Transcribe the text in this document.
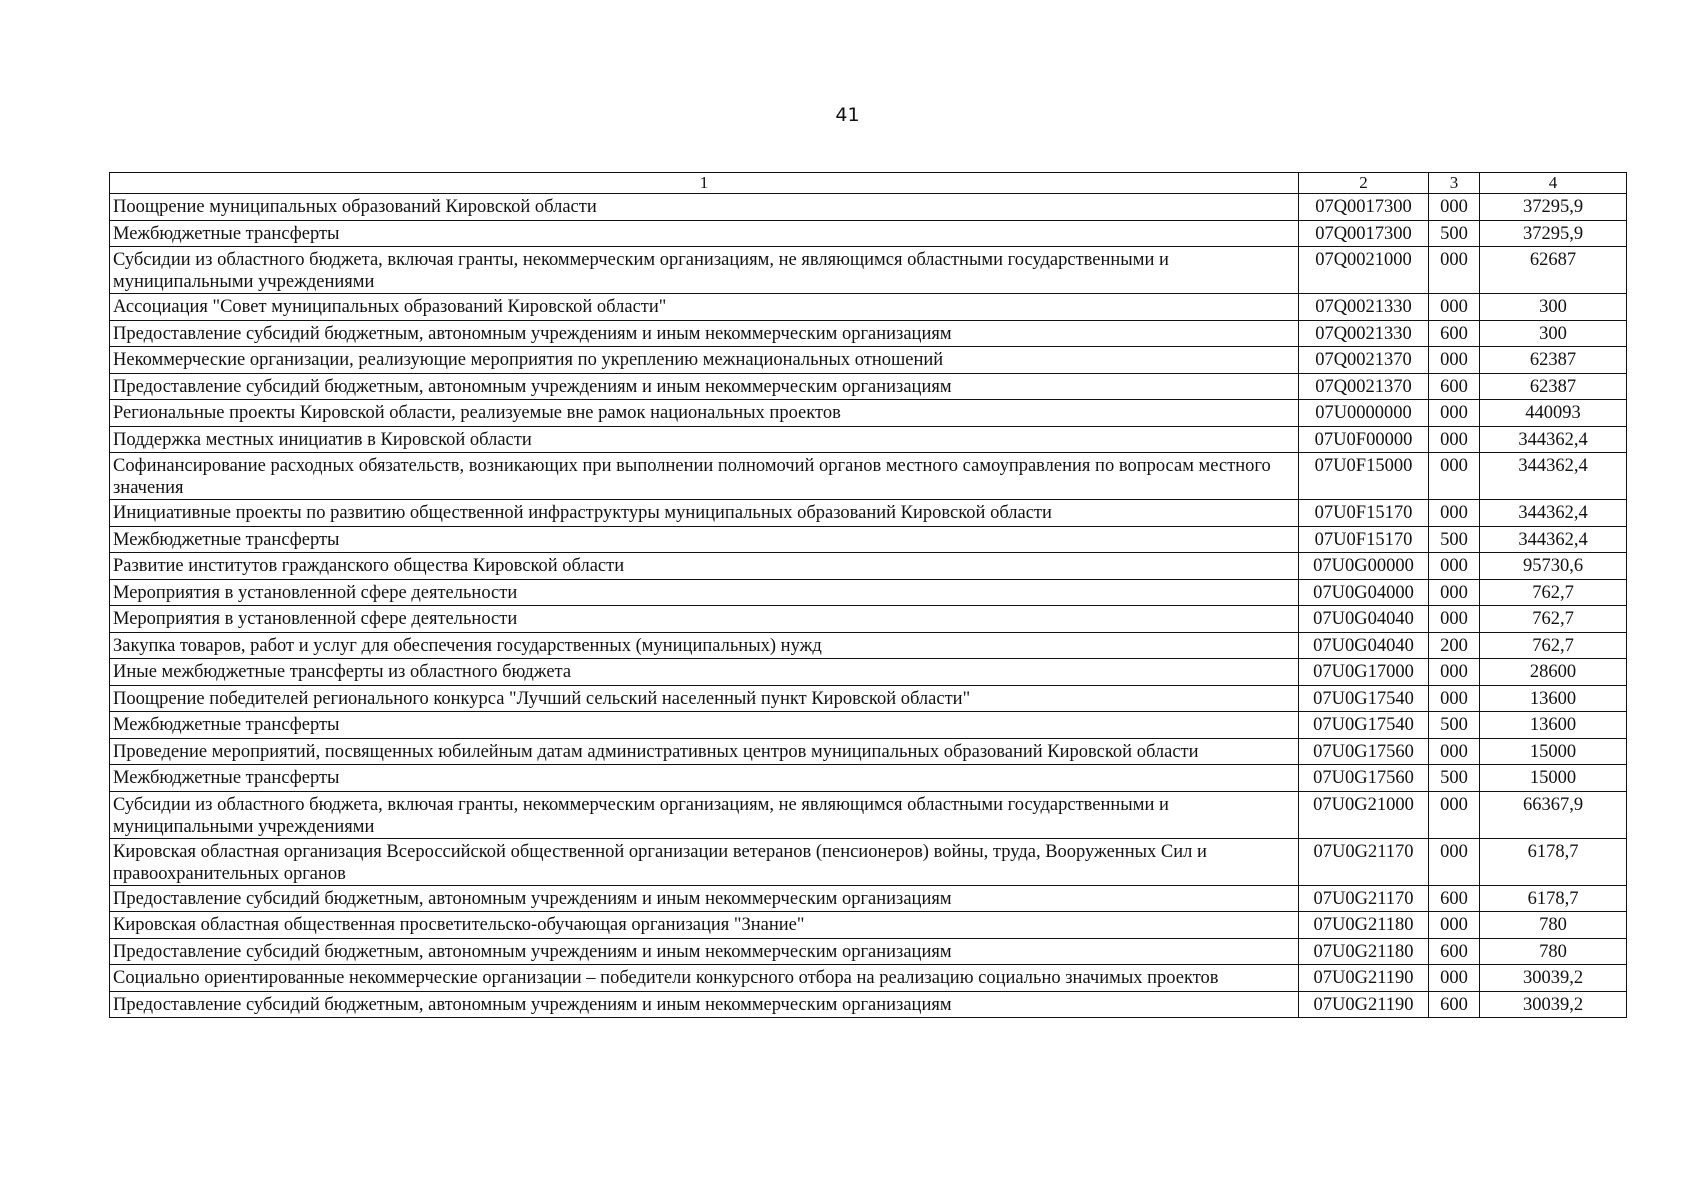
41
1	2	3	4
Поощрение муниципальных образований Кировской области	07Q0017300	000	37295,9
Межбюджетные трансферты	07Q0017300	500	37295,9
Субсидии из областного бюджета, включая гранты, некоммерческим организациям, не являющимся областными государственными и муниципальными учреждениями	07Q0021000	000	62687
Ассоциация "Совет муниципальных образований Кировской области"	07Q0021330	000	300
Предоставление субсидий бюджетным, автономным учреждениям и иным некоммерческим организациям	07Q0021330	600	300
Некоммерческие организации, реализующие мероприятия по укреплению межнациональных отношений	07Q0021370	000	62387
Предоставление субсидий бюджетным, автономным учреждениям и иным некоммерческим организациям	07Q0021370	600	62387
Региональные проекты Кировской области, реализуемые вне рамок национальных проектов	07U0000000	000	440093
Поддержка местных инициатив в Кировской области	07U0F00000	000	344362,4
Софинансирование расходных обязательств, возникающих при выполнении полномочий органов местного самоуправления по вопросам местного значения	07U0F15000	000	344362,4
Инициативные проекты по развитию общественной инфраструктуры муниципальных образований Кировской области	07U0F15170	000	344362,4
Межбюджетные трансферты	07U0F15170	500	344362,4
Развитие институтов гражданского общества Кировской области	07U0G00000	000	95730,6
Мероприятия в установленной сфере деятельности	07U0G04000	000	762,7
Мероприятия в установленной сфере деятельности	07U0G04040	000	762,7
Закупка товаров, работ и услуг для обеспечения государственных (муниципальных) нужд	07U0G04040	200	762,7
Иные межбюджетные трансферты из областного бюджета	07U0G17000	000	28600
Поощрение победителей регионального конкурса "Лучший сельский населенный пункт Кировской области"	07U0G17540	000	13600
Межбюджетные трансферты	07U0G17540	500	13600
Проведение мероприятий, посвященных юбилейным датам административных центров муниципальных образований Кировской области	07U0G17560	000	15000
Межбюджетные трансферты	07U0G17560	500	15000
Субсидии из областного бюджета, включая гранты, некоммерческим организациям, не являющимся областными государственными и муниципальными учреждениями	07U0G21000	000	66367,9
Кировская областная организация Всероссийской общественной организации ветеранов (пенсионеров) войны, труда, Вооруженных Сил и правоохранительных органов	07U0G21170	000	6178,7
Предоставление субсидий бюджетным, автономным учреждениям и иным некоммерческим организациям	07U0G21170	600	6178,7
Кировская областная общественная просветительско-обучающая организация "Знание"	07U0G21180	000	780
Предоставление субсидий бюджетным, автономным учреждениям и иным некоммерческим организациям	07U0G21180	600	780
Социально ориентированные некоммерческие организации – победители конкурсного отбора на реализацию социально значимых проектов	07U0G21190	000	30039,2
Предоставление субсидий бюджетным, автономным учреждениям и иным некоммерческим организациям	07U0G21190	600	30039,2
